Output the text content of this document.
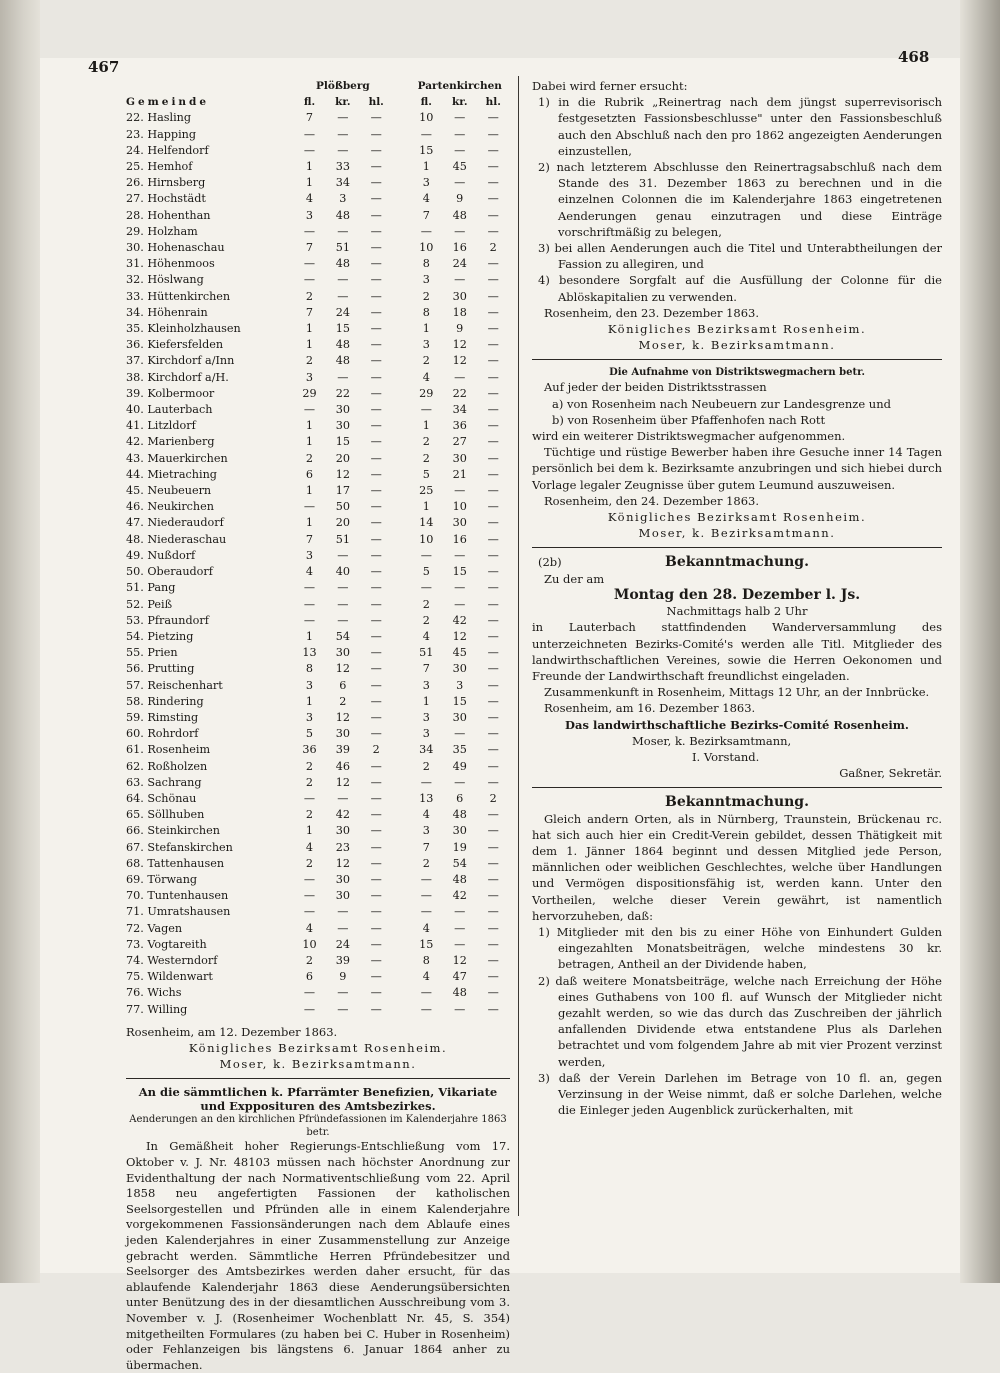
467
468
	Plößberg				Partenkirchen		
Gemeinde	fl.	kr.	hl.		fl.	kr.	hl.
22. Hasling	7	—	—		10	—	—
23. Happing	—	—	—		—	—	—
24. Helfendorf	—	—	—		15	—	—
25. Hemhof	1	33	—		1	45	—
26. Hirnsberg	1	34	—		3	—	—
27. Hochstädt	4	3	—		4	9	—
28. Hohenthan	3	48	—		7	48	—
29. Holzham	—	—	—		—	—	—
30. Hohenaschau	7	51	—		10	16	2
31. Höhenmoos	—	48	—		8	24	—
32. Höslwang	—	—	—		3	—	—
33. Hüttenkirchen	2	—	—		2	30	—
34. Höhenrain	7	24	—		8	18	—
35. Kleinholzhausen	1	15	—		1	9	—
36. Kiefersfelden	1	48	—		3	12	—
37. Kirchdorf a/Inn	2	48	—		2	12	—
38. Kirchdorf a/H.	3	—	—		4	—	—
39. Kolbermoor	29	22	—		29	22	—
40. Lauterbach	—	30	—		—	34	—
41. Litzldorf	1	30	—		1	36	—
42. Marienberg	1	15	—		2	27	—
43. Mauerkirchen	2	20	—		2	30	—
44. Mietraching	6	12	—		5	21	—
45. Neubeuern	1	17	—		25	—	—
46. Neukirchen	—	50	—		1	10	—
47. Niederaudorf	1	20	—		14	30	—
48. Niederaschau	7	51	—		10	16	—
49. Nußdorf	3	—	—		—	—	—
50. Oberaudorf	4	40	—		5	15	—
51. Pang	—	—	—		—	—	—
52. Peiß	—	—	—		2	—	—
53. Pfraundorf	—	—	—		2	42	—
54. Pietzing	1	54	—		4	12	—
55. Prien	13	30	—		51	45	—
56. Prutting	8	12	—		7	30	—
57. Reischenhart	3	6	—		3	3	—
58. Rindering	1	2	—		1	15	—
59. Rimsting	3	12	—		3	30	—
60. Rohrdorf	5	30	—		3	—	—
61. Rosenheim	36	39	2		34	35	—
62. Roßholzen	2	46	—		2	49	—
63. Sachrang	2	12	—		—	—	—
64. Schönau	—	—	—		13	6	2
65. Söllhuben	2	42	—		4	48	—
66. Steinkirchen	1	30	—		3	30	—
67. Stefanskirchen	4	23	—		7	19	—
68. Tattenhausen	2	12	—		2	54	—
69. Törwang	—	30	—		—	48	—
70. Tuntenhausen	—	30	—		—	42	—
71. Umratshausen	—	—	—		—	—	—
72. Vagen	4	—	—		4	—	—
73. Vogtareith	10	24	—		15	—	—
74. Westerndorf	2	39	—		8	12	—
75. Wildenwart	6	9	—		4	47	—
76. Wichs	—	—	—		—	48	—
77. Willing	—	—	—		—	—	—

Rosenheim, am 12. Dezember 1863.

Königliches Bezirksamt Rosenheim.

Moser, k. Bezirksamtmann.

An die sämmtlichen k. Pfarrämter Benefizien, Vikariate und Expposituren des Amtsbezirkes.

Aenderungen an den kirchlichen Pfründefassionen im Kalenderjahre 1863 betr.

In Gemäßheit hoher Regierungs-Entschließung vom 17. Oktober v. J. Nr. 48103 müssen nach höchster Anordnung zur Evidenthaltung der nach Normativentschließung vom 22. April 1858 neu angefertigten Fassionen der katholischen Seelsorgestellen und Pfründen alle in einem Kalenderjahre vorgekommenen Fassionsänderungen nach dem Ablaufe eines jeden Kalenderjahres in einer Zusammenstellung zur Anzeige gebracht werden. Sämmtliche Herren Pfründebesitzer und Seelsorger des Amtsbezirkes werden daher ersucht, für das ablaufende Kalenderjahr 1863 diese Aenderungsübersichten unter Benützung des in der diesamtlichen Ausschreibung vom 3. November v. J. (Rosenheimer Wochenblatt Nr. 45, S. 354) mitgetheilten Formulares (zu haben bei C. Huber in Rosenheim) oder Fehlanzeigen bis längstens 6. Januar 1864 anher zu übermachen.

Dabei wird ferner ersucht:

1) in die Rubrik „Reinertrag nach dem jüngst superrevisorisch festgesetzten Fassionsbeschlusse" unter den Fassionsbeschluß auch den Abschluß nach den pro 1862 angezeigten Aenderungen einzustellen,

2) nach letzterem Abschlusse den Reinertragsabschluß nach dem Stande des 31. Dezember 1863 zu berechnen und in die einzelnen Colonnen die im Kalenderjahre 1863 eingetretenen Aenderungen genau einzutragen und diese Einträge vorschriftmäßig zu belegen,

3) bei allen Aenderungen auch die Titel und Unterabtheilungen der Fassion zu allegiren, und

4) besondere Sorgfalt auf die Ausfüllung der Colonne für die Ablöskapitalien zu verwenden.

Rosenheim, den 23. Dezember 1863.

Königliches Bezirksamt Rosenheim.

Moser, k. Bezirksamtmann.

Die Aufnahme von Distriktswegmachern betr.

Auf jeder der beiden Distriktsstrassen

a) von Rosenheim nach Neubeuern zur Landesgrenze und

b) von Rosenheim über Pfaffenhofen nach Rott

wird ein weiterer Distriktswegmacher aufgenommen.

Tüchtige und rüstige Bewerber haben ihre Gesuche inner 14 Tagen persönlich bei dem k. Bezirksamte anzubringen und sich hiebei durch Vorlage legaler Zeugnisse über gutem Leumund auszuweisen.

Rosenheim, den 24. Dezember 1863.

Königliches Bezirksamt Rosenheim.

Moser, k. Bezirksamtmann.

(2b)	Bekanntmachung.

Zu der am

Montag den 28. Dezember l. Js.

Nachmittags halb 2 Uhr

in Lauterbach stattfindenden Wanderversammlung des unterzeichneten Bezirks-Comité's werden alle Titl. Mitglieder des landwirthschaftlichen Vereines, sowie die Herren Oekonomen und Freunde der Landwirthschaft freundlichst eingeladen.

Zusammenkunft in Rosenheim, Mittags 12 Uhr, an der Innbrücke.

Rosenheim, am 16. Dezember 1863.

Das landwirthschaftliche Bezirks-Comité Rosenheim.

Moser, k. Bezirksamtmann,

I. Vorstand.

Gaßner, Sekretär.

Bekanntmachung.

Gleich andern Orten, als in Nürnberg, Traunstein, Brückenau rc. hat sich auch hier ein Credit-Verein gebildet, dessen Thätigkeit mit dem 1. Jänner 1864 beginnt und dessen Mitglied jede Person, männlichen oder weiblichen Geschlechtes, welche über Handlungen und Vermögen dispositionsfähig ist, werden kann. Unter den Vortheilen, welche dieser Verein gewährt, ist namentlich hervorzuheben, daß:

1) Mitglieder mit den bis zu einer Höhe von Einhundert Gulden eingezahlten Monatsbeiträgen, welche mindestens 30 kr. betragen, Antheil an der Dividende haben,

2) daß weitere Monatsbeiträge, welche nach Erreichung der Höhe eines Guthabens von 100 fl. auf Wunsch der Mitglieder nicht gezahlt werden, so wie das durch das Zuschreiben der jährlich anfallenden Dividende etwa entstandene Plus als Darlehen betrachtet und vom folgendem Jahre ab mit vier Prozent verzinst werden,

3) daß der Verein Darlehen im Betrage von 10 fl. an, gegen Verzinsung in der Weise nimmt, daß er solche Darlehen, welche die Einleger jeden Augenblick zurückerhalten, mit
